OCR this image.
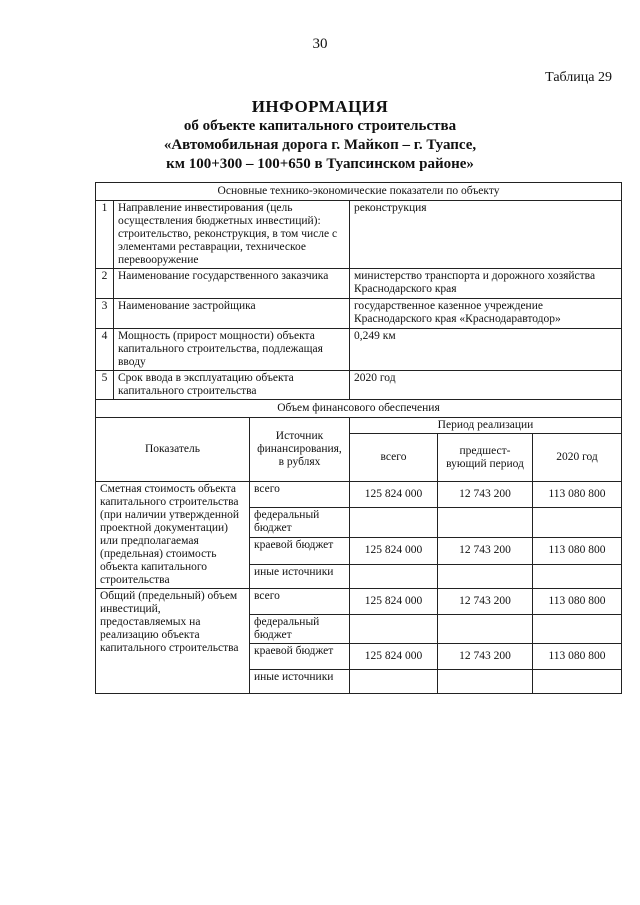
30
Таблица 29
ИНФОРМАЦИЯ
об объекте капитального строительства
«Автомобильная дорога г. Майкоп – г. Туапсе,
км 100+300 – 100+650 в Туапсинском районе»
Основные технико-экономические показатели по объекту					
1	Направление инвестирования (цель осуществления бюджетных инвестиций): строительство, реконструкция, в том числе с элементами реставрации, техническое перевооружение		реконструкция		
2	Наименование государственного заказчика		министерство транспорта и дорожного хозяйства Краснодарского края		
3	Наименование застройщика		государственное казенное учреждение Краснодарского края «Краснодаравтодор»		
4	Мощность (прирост мощности) объекта капитального строительства, подлежащая вводу		0,249 км		
5	Срок ввода в эксплуатацию объекта капитального строительства		2020 год		
Объем финансового обеспечения					
Показатель		Источник финансирования, в рублях	Период реализации		
			всего	предшест-вующий период	2020 год
Сметная стоимость объекта капитального строительства (при наличии утвержденной проектной документации) или предполагаемая (предельная) стоимость объекта капитального строительства		всего	125 824 000	12 743 200	113 080 800
		федеральный бюджет			
		краевой бюджет	125 824 000	12 743 200	113 080 800
		иные источники			
Общий (предельный) объем инвестиций, предоставляемых на реализацию объекта капитального строительства		всего	125 824 000	12 743 200	113 080 800
		федеральный бюджет			
		краевой бюджет	125 824 000	12 743 200	113 080 800
		иные источники			
